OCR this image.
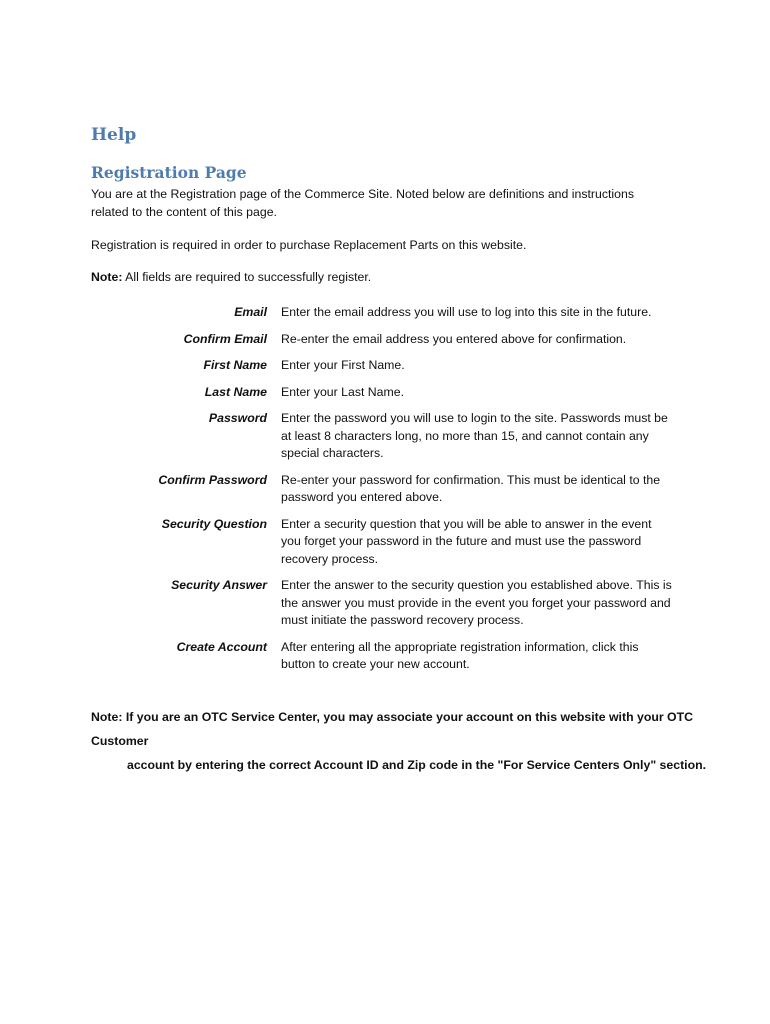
Help
Registration Page

You are at the Registration page of the Commerce Site. Noted below are definitions and instructions
related to the content of this page.

Registration is required in order to purchase Replacement Parts on this website.

Note: All fields are required to successfully register.

Email	Enter the email address you will use to log into this site in the future.
Confirm Email	Re-enter the email address you entered above for confirmation.
First Name	Enter your First Name.
Last Name	Enter your Last Name.
Password	Enter the password you will use to login to the site. Passwords must be at least 8 characters long, no more than 15, and cannot contain any special characters.
Confirm Password	Re-enter your password for confirmation. This must be identical to the password you entered above.
Security Question	Enter a security question that you will be able to answer in the event you forget your password in the future and must use the password recovery process.
Security Answer	Enter the answer to the security question you established above. This is the answer you must provide in the event you forget your password and must initiate the password recovery process.
Create Account	After entering all the appropriate registration information, click this button to create your new account.
Note: If you are an OTC Service Center, you may associate your account on this website with your OTC Customer
account by entering the correct Account ID and Zip code in the "For Service Centers Only" section.
